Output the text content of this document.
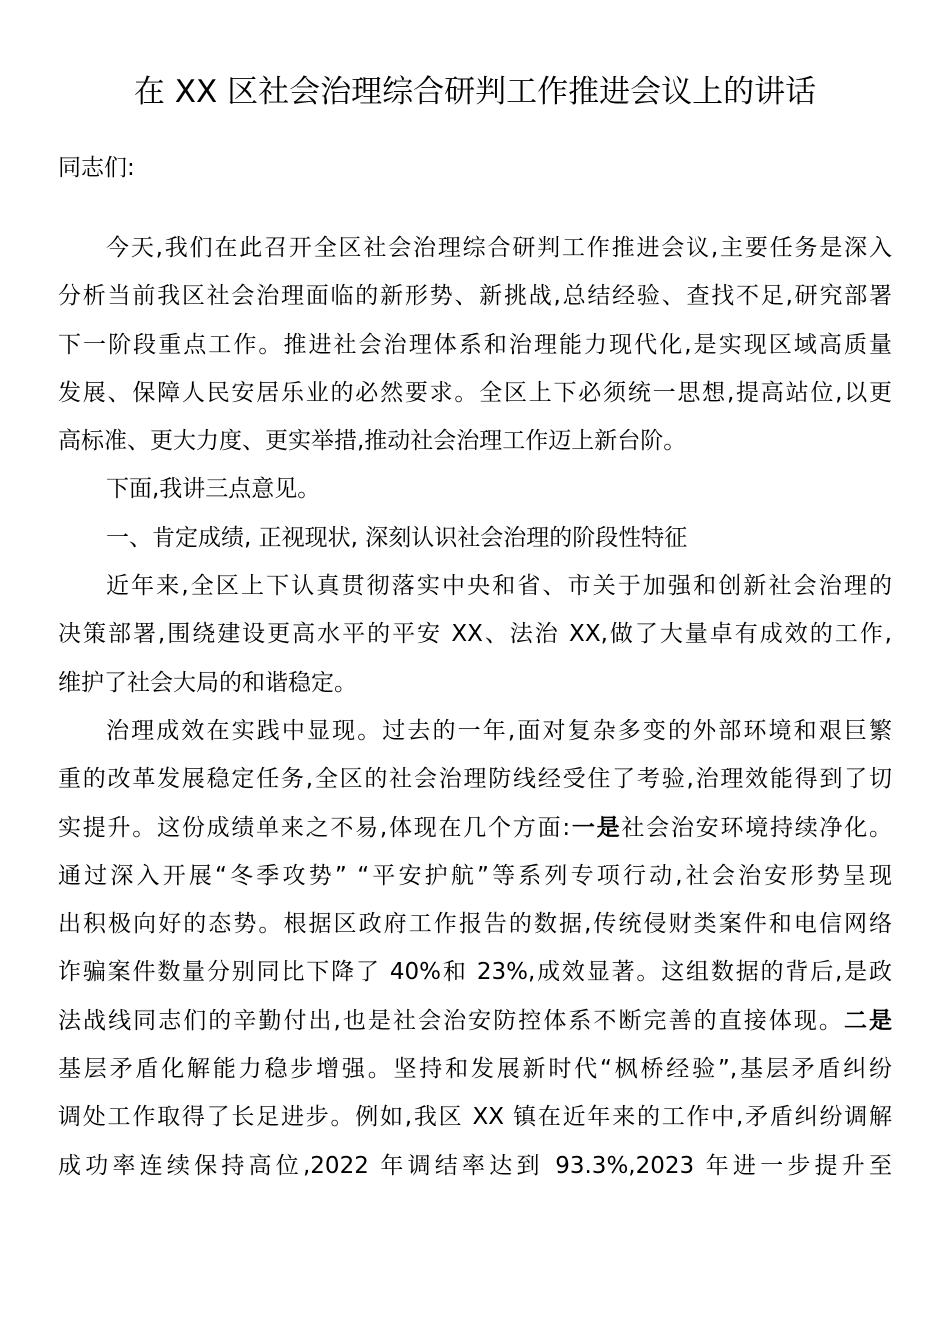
在 XX 区社会治理综合研判工作推进会议上的讲话
同志们:
今天,我们在此召开全区社会治理综合研判工作推进会议,主要任务是深入
分析当前我区社会治理面临的新形势、新挑战,总结经验、查找不足,研究部署
下一阶段重点工作。推进社会治理体系和治理能力现代化,是实现区域高质量
发展、保障人民安居乐业的必然要求。全区上下必须统一思想,提高站位,以更
高标准、更大力度、更实举措,推动社会治理工作迈上新台阶。
下面,我讲三点意见。
一、肯定成绩, 正视现状, 深刻认识社会治理的阶段性特征
近年来,全区上下认真贯彻落实中央和省、市关于加强和创新社会治理的
决策部署,围绕建设更高水平的平安 XX、法治 XX,做了大量卓有成效的工作,
维护了社会大局的和谐稳定。
治理成效在实践中显现。过去的一年,面对复杂多变的外部环境和艰巨繁
重的改革发展稳定任务,全区的社会治理防线经受住了考验,治理效能得到了切
实提升。这份成绩单来之不易,体现在几个方面:一是社会治安环境持续净化。
通过深入开展“冬季攻势” “平安护航”等系列专项行动,社会治安形势呈现
出积极向好的态势。根据区政府工作报告的数据,传统侵财类案件和电信网络
诈骗案件数量分别同比下降了 40%和 23%,成效显著。这组数据的背后,是政
法战线同志们的辛勤付出,也是社会治安防控体系不断完善的直接体现。二是
基层矛盾化解能力稳步增强。坚持和发展新时代“枫桥经验”,基层矛盾纠纷
调处工作取得了长足进步。例如,我区 XX 镇在近年来的工作中,矛盾纠纷调解
成功率连续保持高位,2022 年调结率达到 93.3%,2023 年进一步提升至
